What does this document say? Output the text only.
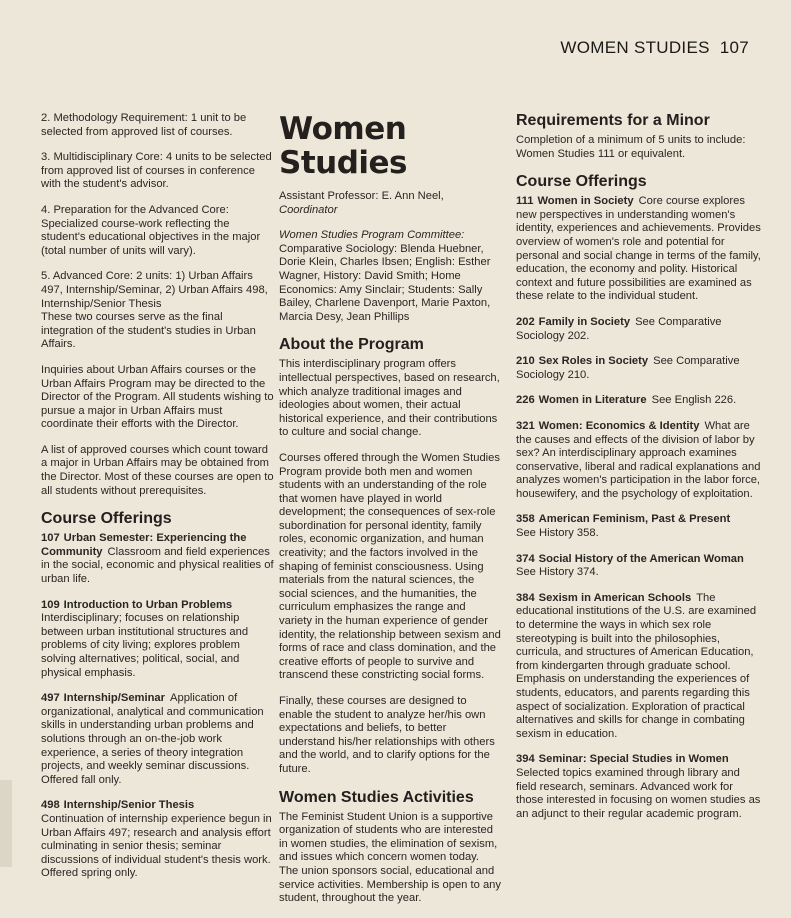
WOMEN STUDIES 107

2. Methodology Requirement: 1 unit to be selected from approved list of courses.

3. Multidisciplinary Core: 4 units to be selected from approved list of courses in conference with the student's advisor.

4. Preparation for the Advanced Core: Specialized course-work reflecting the student's educational objectives in the major (total number of units will vary).

5. Advanced Core: 2 units: 1) Urban Affairs 497, Internship/Seminar, 2) Urban Affairs 498, Internship/Senior Thesis

These two courses serve as the final integration of the student's studies in Urban Affairs.

Inquiries about Urban Affairs courses or the Urban Affairs Program may be directed to the Director of the Program. All students wishing to pursue a major in Urban Affairs must coordinate their efforts with the Director.

A list of approved courses which count toward a major in Urban Affairs may be obtained from the Director. Most of these courses are open to all students without prerequisites.

Course Offerings
107 Urban Semester: Experiencing the Community Classroom and field experiences in the social, economic and physical realities of urban life.
109 Introduction to Urban Problems
Interdisciplinary; focuses on relationship between urban institutional structures and problems of city living; explores problem solving alternatives; political, social, and physical emphasis.
497 Internship/Seminar Application of organizational, analytical and communication skills in understanding urban problems and solutions through an on-the-job work experience, a series of theory integration projects, and weekly seminar discussions. Offered fall only.
498 Internship/Senior Thesis
Continuation of internship experience begun in Urban Affairs 497; research and analysis effort culminating in senior thesis; seminar discussions of individual student's thesis work. Offered spring only.
Women
Studies

Assistant Professor: E. Ann Neel, Coordinator

Women Studies Program Committee:
Comparative Sociology: Blenda Huebner, Dorie Klein, Charles Ibsen; English: Esther Wagner, History: David Smith; Home Economics: Amy Sinclair; Students: Sally Bailey, Charlene Davenport, Marie Paxton, Marcia Desy, Jean Phillips

About the Program

This interdisciplinary program offers intellectual perspectives, based on research, which analyze traditional images and ideologies about women, their actual historical experience, and their contributions to culture and social change.

Courses offered through the Women Studies Program provide both men and women students with an understanding of the role that women have played in world development; the consequences of sex-role subordination for personal identity, family roles, economic organization, and human creativity; and the factors involved in the shaping of feminist consciousness. Using materials from the natural sciences, the social sciences, and the humanities, the curriculum emphasizes the range and variety in the human experience of gender identity, the relationship between sexism and forms of race and class domination, and the creative efforts of people to survive and transcend these constricting social forms.

Finally, these courses are designed to enable the student to analyze her/his own expectations and beliefs, to better understand his/her relationships with others and the world, and to clarify options for the future.

Women Studies Activities

The Feminist Student Union is a supportive organization of students who are interested in women studies, the elimination of sexism, and issues which concern women today. The union sponsors social, educational and service activities. Membership is open to any student, throughout the year.

Requirements for a Minor

Completion of a minimum of 5 units to include: Women Studies 111 or equivalent.

Course Offerings
111 Women in Society Core course explores new perspectives in understanding women's identity, experiences and achievements. Provides overview of women's role and potential for personal and social change in terms of the family, education, the economy and polity. Historical context and future possibilities are examined as these relate to the individual student.
202 Family in Society See Comparative Sociology 202.
210 Sex Roles in Society See Comparative Sociology 210.
226 Women in Literature See English 226.
321 Women: Economics & Identity What are the causes and effects of the division of labor by sex? An interdisciplinary approach examines conservative, liberal and radical explanations and analyzes women's participation in the labor force, housewifery, and the psychology of exploitation.
358 American Feminism, Past & Present
See History 358.
374 Social History of the American WomanSee History 374.
384 Sexism in American Schools The educational institutions of the U.S. are examined to determine the ways in which sex role stereotyping is built into the philosophies, curricula, and structures of American Education, from kindergarten through graduate school. Emphasis on understanding the experiences of students, educators, and parents regarding this aspect of socialization. Exploration of practical alternatives and skills for change in combating sexism in education.
394 Seminar: Special Studies in Women
Selected topics examined through library and field research, seminars. Advanced work for those interested in focusing on women studies as an adjunct to their regular academic program.
